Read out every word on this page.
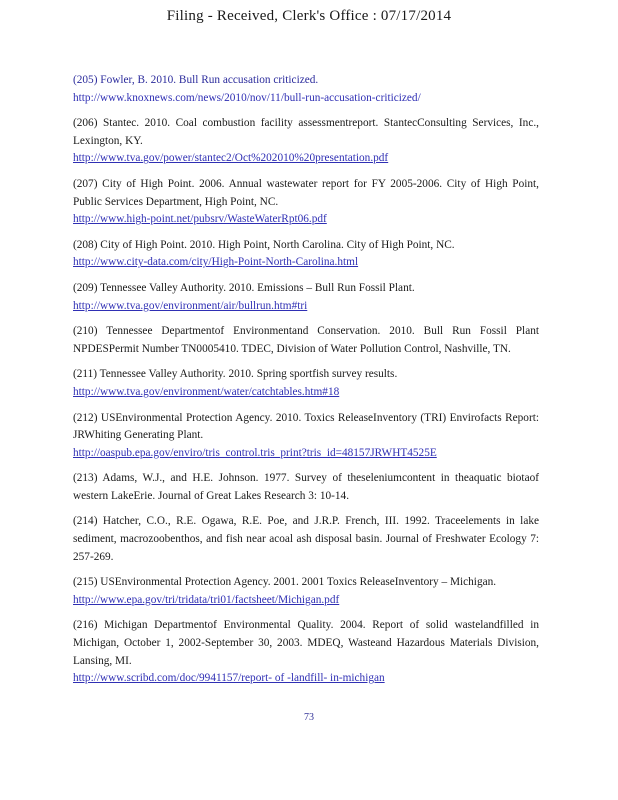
Filing - Received, Clerk's Office : 07/17/2014
(205) Fowler, B. 2010. Bull Run accusation criticized.
http://www.knoxnews.com/news/2010/nov/11/bull-run-accusation-criticized/
(206) Stantec. 2010. Coal combustion facility assessmentreport. StantecConsulting Services, Inc., Lexington, KY.
http://www.tva.gov/power/stantec2/Oct%202010%20presentation.pdf
(207) City of High Point. 2006. Annual wastewater report for FY 2005-2006. City of High Point, Public Services Department, High Point, NC.
http://www.high-point.net/pubsrv/WasteWaterRpt06.pdf
(208) City of High Point. 2010. High Point, North Carolina. City of High Point, NC.
http://www.city-data.com/city/High-Point-North-Carolina.html
(209) Tennessee Valley Authority. 2010. Emissions – Bull Run Fossil Plant.
http://www.tva.gov/environment/air/bullrun.htm#tri
(210) Tennessee Departmentof Environmentand Conservation. 2010. Bull Run Fossil Plant NPDESPermit Number TN0005410. TDEC, Division of Water Pollution Control, Nashville, TN.
(211) Tennessee Valley Authority. 2010. Spring sportfish survey results.
http://www.tva.gov/environment/water/catchtables.htm#18
(212) USEnvironmental Protection Agency. 2010. Toxics ReleaseInventory (TRI) Envirofacts Report: JRWhiting Generating Plant.
http://oaspub.epa.gov/enviro/tris_control.tris_print?tris_id=48157JRWHT4525E
(213) Adams, W.J., and H.E. Johnson. 1977. Survey of theseleniumcontent in theaquatic biotaof western LakeErie. Journal of Great Lakes Research 3: 10-14.
(214) Hatcher, C.O., R.E. Ogawa, R.E. Poe, and J.R.P. French, III. 1992. Traceelements in lake sediment, macrozoobenthos, and fish near acoal ash disposal basin. Journal of Freshwater Ecology 7: 257-269.
(215) USEnvironmental Protection Agency. 2001. 2001 Toxics ReleaseInventory – Michigan.
http://www.epa.gov/tri/tridata/tri01/factsheet/Michigan.pdf
(216) Michigan Departmentof Environmental Quality. 2004. Report of solid wastelandfilled in Michigan, October 1, 2002-September 30, 2003. MDEQ, Wasteand Hazardous Materials Division, Lansing, MI.
http://www.scribd.com/doc/9941157/report- of -landfill- in-michigan
73
